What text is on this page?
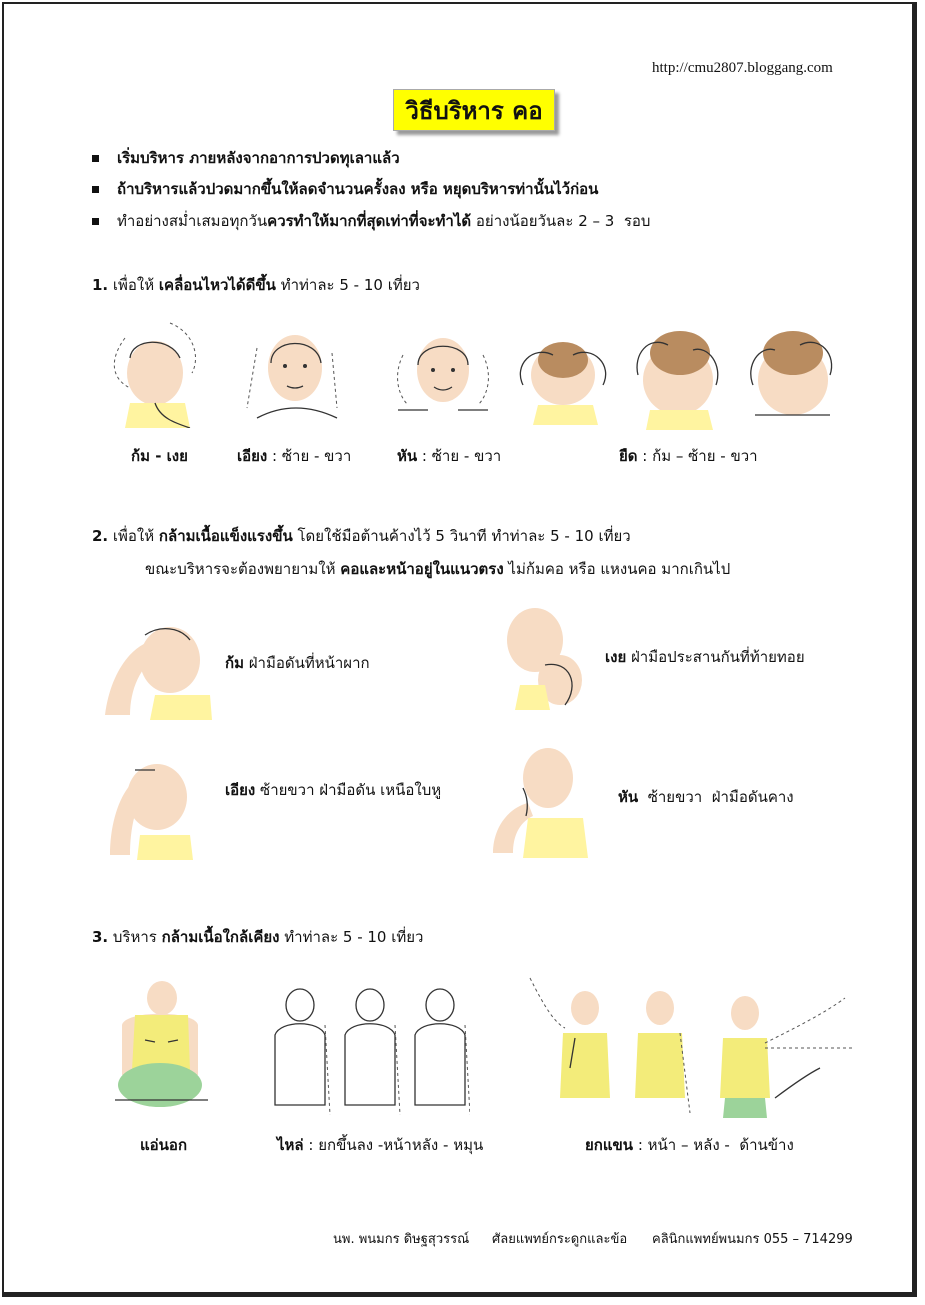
http://cmu2807.bloggang.com
วิธีบริหาร คอ
เริ่มบริหาร ภายหลังจากอาการปวดทุเลาแล้ว
ถ้าบริหารแล้วปวดมากขึ้นให้ลดจำนวนครั้งลง หรือ หยุดบริหารท่านั้นไว้ก่อน
ทำอย่างสม่ำเสมอทุกวัน ควรทำให้มากที่สุดเท่าที่จะทำได้ อย่างน้อยวันละ 2 – 3  รอบ
1. เพื่อให้ เคลื่อนไหวได้ดีขึ้น ทำท่าละ 5 - 10 เที่ยว
ก้ม - เงย	เอียง : ซ้าย - ขวา	หัน : ซ้าย - ขวา	ยืด : ก้ม – ซ้าย - ขวา
2. เพื่อให้ กล้ามเนื้อแข็งแรงขึ้น โดยใช้มือต้านค้างไว้ 5 วินาที ทำท่าละ 5 - 10 เที่ยว
ขณะบริหารจะต้องพยายามให้ คอและหน้าอยู่ในแนวตรง ไม่ก้มคอ หรือ แหงนคอ มากเกินไป
ก้ม ฝ่ามือดันที่หน้าผาก	เงย ฝ่ามือประสานกันที่ท้ายทอย
เอียง ซ้ายขวา ฝ่ามือดัน เหนือใบหู	หัน  ซ้ายขวา  ฝ่ามือดันคาง
3. บริหาร กล้ามเนื้อใกล้เคียง ทำท่าละ 5 - 10 เที่ยว
แอ่นอก	ไหล่ : ยกขึ้นลง -หน้าหลัง - หมุน	ยกแขน : หน้า – หลัง -  ด้านข้าง
นพ. พนมกร ดิษฐสุวรรณ์ ศัลยแพทย์กระดูกและข้อ คลินิกแพทย์พนมกร 055 – 714299
